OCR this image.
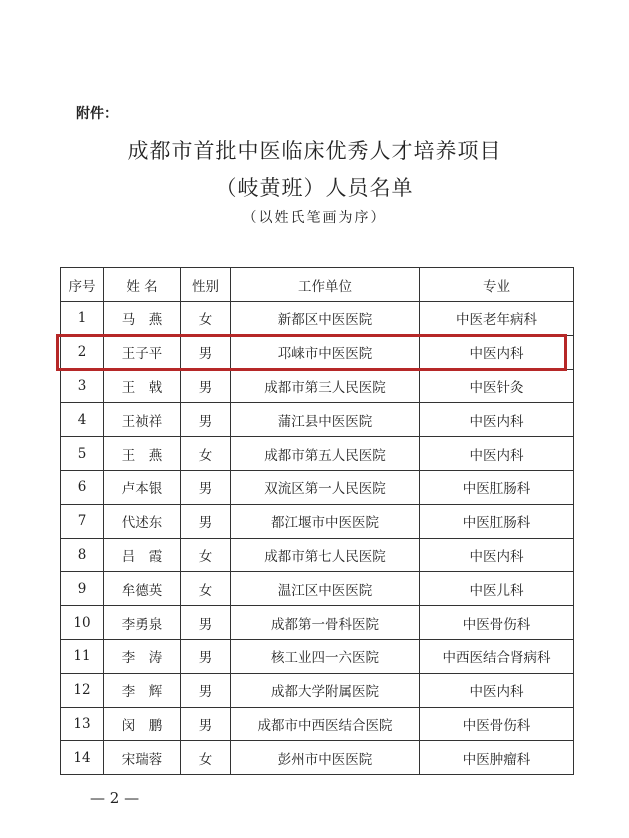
附件：
成都市首批中医临床优秀人才培养项目
（岐黄班）人员名单
（以姓氏笔画为序）
序号	姓 名	性别	工作单位	专业
1	马　燕	女	新都区中医医院	中医老年病科
2	王子平	男	邛崃市中医医院	中医内科
3	王　戟	男	成都市第三人民医院	中医针灸
4	王祯祥	男	蒲江县中医医院	中医内科
5	王　燕	女	成都市第五人民医院	中医内科
6	卢本银	男	双流区第一人民医院	中医肛肠科
7	代述东	男	都江堰市中医医院	中医肛肠科
8	吕　霞	女	成都市第七人民医院	中医内科
9	牟德英	女	温江区中医医院	中医儿科
10	李勇泉	男	成都第一骨科医院	中医骨伤科
11	李　涛	男	核工业四一六医院	中西医结合肾病科
12	李　辉	男	成都大学附属医院	中医内科
13	闵　鹏	男	成都市中西医结合医院	中医骨伤科
14	宋瑞蓉	女	彭州市中医医院	中医肿瘤科
— 2 —
